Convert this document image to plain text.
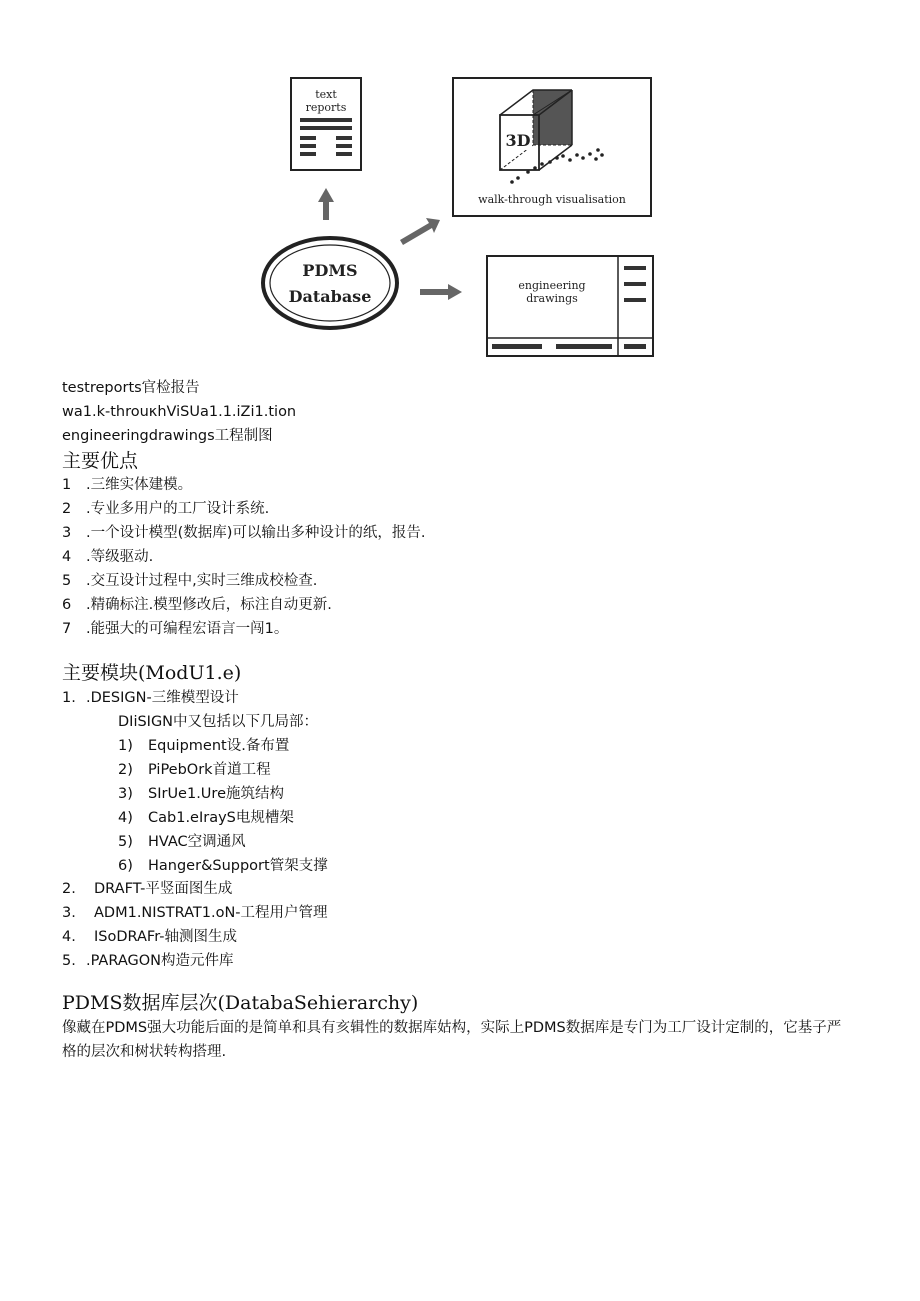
text
reports
3D
walk-through visualisation
PDMS
Database
engineering
drawings
testreports官检报告
wa1.k-throuκhViSUa1.1.iZi1.tion
engineeringdrawings工程制图
主要优点
1 .三维实体建模。
2 .专业多用户的工厂设计系统.
3 .一个设计模型(数据库)可以输出多种设计的纸，报告.
4 .等级驱动.
5 .交互设计过程中,实时三维成校检查.
6 .精确标注.模型修改后，标注自动更新.
7 .能强大的可编程宏语言一闯1。
主要模块(ModU1.e)
1. .DESIGN-三维模型设计
DIiSIGN中又包括以下几局部：
1) Equipment设.备布置
2) PiPebOrk首道工程
3) SIrUe1.Ure施筑结构
4) Cab1.eIrayS电规槽架
5) HVAC空调通风
6) Hanger&Support管架支撑
2. DRAFT-平竖面图生成
3. ADM1.NISTRAT1.oN-工程用户管理
4. ISoDRAFr-轴测图生成
5. .PARAGON构造元件库
PDMS数据库层次(DatabaSehierarchy)
像藏在PDMS强大功能后面的是简单和具有亥辑性的数据库姑构，实际上PDMS数据库是专门为工厂设计定制的，它基子严格的层次和树状转构搭理.
